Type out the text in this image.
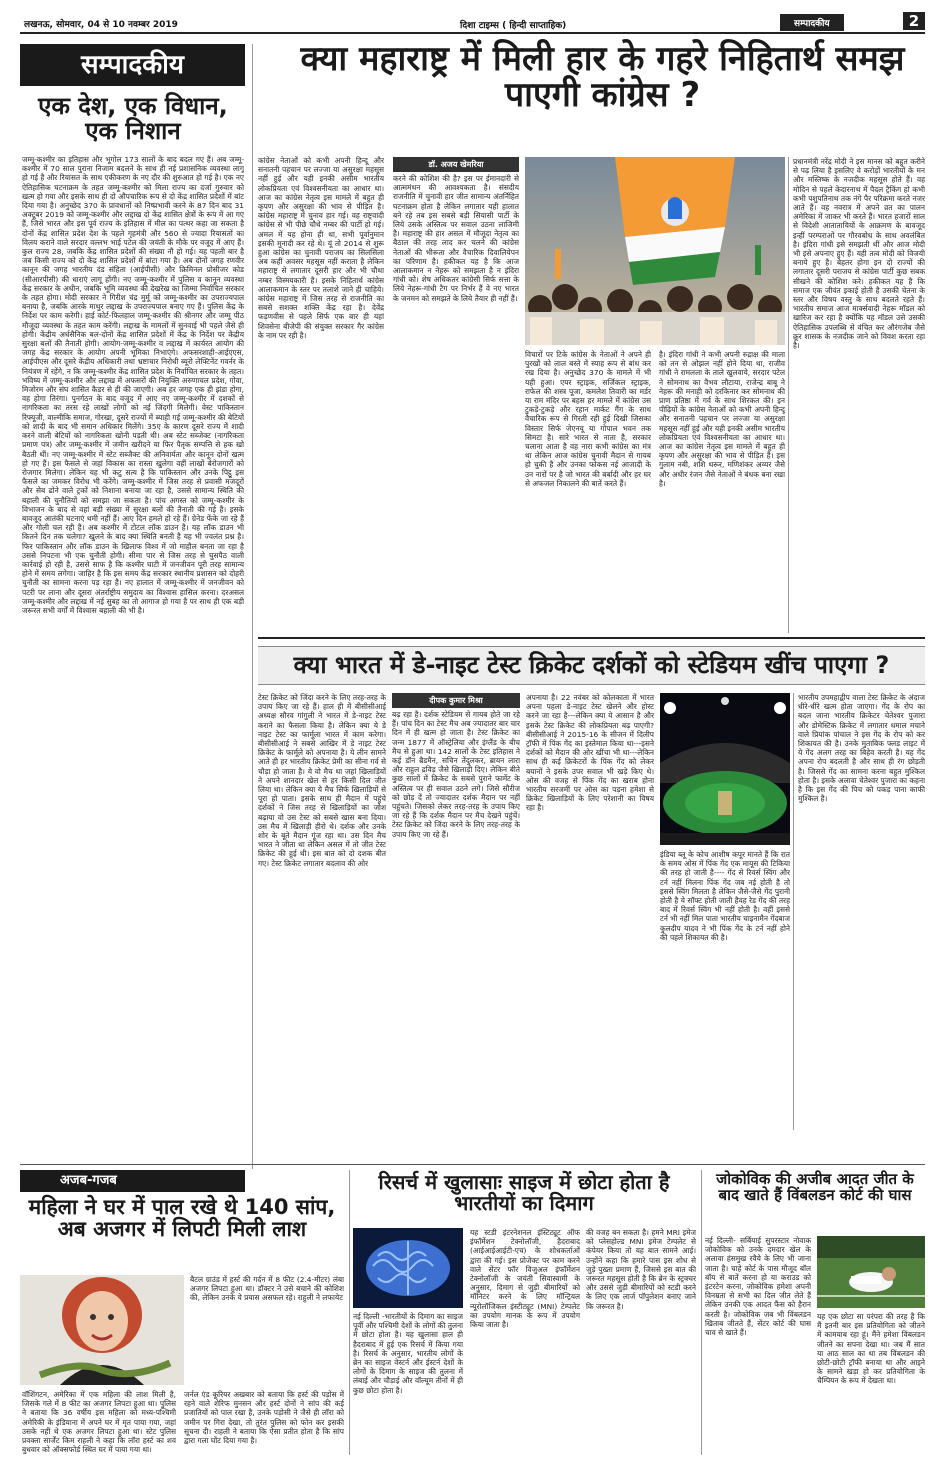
लखनऊ, सोमवार, 04 से 10 नवम्बर 2019	दिशा टाइम्स ( हिन्दी साप्ताहिक)	सम्पादकीय	2
सम्पादकीय
एक देश, एक विधान, एक निशान
जम्मू-कश्मीर का इतिहास और भूगोल 173 सालों के बाद बदल गए हैं। अब जम्मू-कश्मीर में 70 साल पुराना निजाम बदलने के साथ ही नई प्रशासनिक व्यवस्था लागू हो गई है और रियासत के साथ एकीकरण के नए दौर की शुरुआत हो गई है। एक नए ऐतिहासिक घटनाक्रम के तहत जम्मू-कश्मीर को मिला राज्य का दर्जा गुरुवार को खत्म हो गया और इसके साथ ही दो औपचारिक रूप से दो केंद्र शासित प्रदेशों में बांट दिया गया है। अनुच्छेद 370 के प्रावधानों को निष्प्रभावी करने के 87 दिन बाद 31 अक्टूबर 2019 को जम्मू-कश्मीर और लद्दाख दो केंद्र शासित क्षेत्रों के रूप में आ गए हैं, जिसे भारत और इस पूर्व राज्य के इतिहास में मील का पत्थर कहा जा सकता है दोनों केंद्र शासित प्रदेश देश के पहले गृहमंत्री और 560 से ज्यादा रियासतों का विलय कराने वाले सरदार वल्लभ भाई पटेल की जयंती के मौके पर वजूद में आए हैं। कुल राज्य 28, जबकि केंद्र शासित प्रदेशों की संख्या नौ हो गई। यह पहली बार है जब किसी राज्य को दो केंद्र शासित प्रदेशों में बांटा गया है। अब दोनों जगह रणवीर कानून की जगह भारतीय दंड संहिता (आईपीसी) और क्रिमिनल प्रोसीजर कोड (सीआरपीसी) की धाराएं लागू होंगी। नए जम्मू-कश्मीर में पुलिस व कानून व्यवस्था केंद्र सरकार के अधीन, जबकि भूमि व्यवस्था की देखरेख का जिम्मा निर्वाचित सरकार के तहत होगा। मोदी सरकार ने गिरीश चंद्र मुर्मू को जम्मू-कश्मीर का उपराज्यपाल बनाया है, जबकि आरके माथुर लद्दाख के उपराज्यपाल बनाए गए हैं। पुलिस केंद्र के निर्देश पर काम करेगी। हाई कोर्ट-फिलहाल जम्मू-कश्मीर की श्रीनगर और जम्मू पीठ मौजूदा व्यवस्था के तहत काम करेंगी। लद्दाख के मामलों में सुनवाई भी पहले जैसे ही होगी। केंद्रीय अर्धसैनिक बल-दोनों केंद्र शासित प्रदेशों में केंद्र के निर्देश पर केंद्रीय सुरक्षा बलों की तैनाती होगी। आयोग-जम्मू-कश्मीर व लद्दाख में कार्यरत आयोग की जगह केंद्र सरकार के आयोग अपनी भूमिका निभाएंगे। अफसरशाही-आईएएस, आईपीएस और दूसरे केंद्रीय अधिकारी तथा भ्रष्टाचार निरोधी ब्यूरो लेफ्टिनेंट गवर्नर के नियंत्रण में रहेंगे, न कि जम्मू-कश्मीर केंद्र शासित प्रदेश के निर्वाचित सरकार के तहत। भविष्य में जम्मू-कश्मीर और लद्दाख में अफसरों की नियुक्ति अरुणाचल प्रदेश, गोवा, मिजोरम और संघ शासित कैडर से ही की जाएगी। अब हर जगह एक ही झंडा होगा, वह होगा तिरंगा। पुनर्गठन के बाद वजूद में आए नए जम्मू-कश्मीर में दशकों से नागरिकता का तरस रहे लाखों लोगों को नई जिंदगी मिलेगी। वेस्ट पाकिस्तान रिफ्यूजी, वाल्मीकि समाज, गोरखा, दूसरे राज्यों में ब्याही गई जम्मू-कश्मीर की बेटियों को शादी के बाद भी समान अधिकार मिलेंगे। 35ए के कारण दूसरे राज्य में शादी करने वाली बेटियों को नागरिकता खोनी पड़ती थी। अब स्टेट सब्जेक्ट (नागरिकता प्रमाण पत्र) और जम्मू-कश्मीर में जमीन खरीदने या फिर पैतृक सम्पत्ति से हक खो बैठती थीं। नए जम्मू-कश्मीर में स्टेट सब्जैक्ट की अनिवार्यता और कानून दोनों खत्म हो गए हैं। इस फैसले से जहां विकास का रास्ता खुलेगा वहीं लाखों बेरोजगारों को रोजगार मिलेगा। लेकिन यह भी कटु सत्य है कि पाकिस्तान और उनके पिट्ठू इस फैसले का जमकर विरोध भी करेंगे। जम्मू-कश्मीर में जिस तरह से प्रवासी मजदूरों और सेब ढोने वाले ट्रकों को निशाना बनाया जा रहा है, उससे सामान्य स्थिति की बहाली की चुनौतियों को समझा जा सकता है। पांच अगस्त को जम्मू-कश्मीर के विभाजन के बाद से वहां बड़ी संख्या में सुरक्षा बलों की तैनाती की गई है। इसके बावजूद आतंकी घटनाएं थमी नहीं हैं। आए दिन हमले हो रहे हैं। ग्रेनेड फेंके जा रहे हैं और गोली चल रही है। अब कश्मीर में टोटल लॉक डाउन है। यह लॉक डाउन भी कितने दिन तक चलेगा? खुलने के बाद क्या स्थिति बनती है यह भी ज्वलंत प्रश्न है। फिर पाकिस्तान और लॉक डाउन के खिलाफ विश्व में जो माहौल बनता जा रहा है उससे निपटना भी एक चुनौती होगी। सीमा पार से जिस तरह से घुसपैठ वाली कार्रवाई हो रही है, उससे साफ है कि कश्मीर घाटी में जनजीवन पूरी तरह सामान्य होने में समय लगेगा। जाहिर है कि इस समय केंद्र सरकार स्थानीय प्रशासन को दोहरी चुनौती का सामना करना पड़ रहा है। नए हालात में जम्मू-कश्मीर में जनजीवन को पटरी पर लाना और दूसरा अंतर्राष्ट्रीय समुदाय का विश्वास हासिल करना। दरअसल जम्मू-कश्मीर और लद्दाख में नई सुबह का तो आगाज हो गया है पर साथ ही एक बड़ी जरूरत सभी वर्गों में विश्वास बहाली की भी है।
क्या महाराष्ट्र में मिली हार के गहरे निहितार्थ समझ पाएगी कांग्रेस ?
कांग्रेस नेताओं को कभी अपनी हिन्दू और सनातनी पहचान पर लज्जा या असुरक्षा महसूस नहीं हुई और यही इनकी असीम भारतीय लोकप्रियता एवं विश्वसनीयता का आधार था। आज का कांग्रेस नेतृत्व इस मामले में बहुत ही कृपण और असुरक्षा की भाव से पीड़ित है। कांग्रेस महाराष्ट्र में चुनाव हार गई। वह राष्ट्रवादी कांग्रेस से भी पीछे चौथे नम्बर की पार्टी हो गई। अमल में यह होना ही था, सभी पूर्वानुमान इसकी मुनादी कर रहे थे। यूं तो 2014 से शुरू हुआ कांग्रेस का चुनावी पराजय का सिलसिला अब कहीं अवसर महसूस नहीं कराता है लेकिन महाराष्ट्र से लगातार दूसरी हार और भी चौथा नम्बर विस्मयकारी है। इसके निहितार्थ कांग्रेस आलाकमान के स्तर पर तलाशे जाने ही चाहिये। कांग्रेस महाराष्ट्र में जिस तरह से राजनीति का सबसे सशक्त शक्ति केंद्र रहा है। देवेंद्र फड़णवीस से पहले सिर्फ एक बार ही यहां शिवसेना बीजेपी की संयुक्त सरकार गैर कांग्रेस के नाम पर रही है।
डॉ. अजय खेमरिया
करने की कोशिश की है? इस पर ईमानदारी से आत्ममंथन की आवश्यकता है। संसदीय राजनीति में चुनावी हार जीत सामान्य अंतर्निहित घटनाक्रम होता है लेकिन लगातार यही हालात बने रहे तब इस सबसे बड़ी सियासी पार्टी के लिये उसके अस्तित्व पर सवाल उठना लाजिमी है। महाराष्ट्र की हार असल में मौजूदा नेतृत्व का बैठाल की तरह लाद कर चलने की कांग्रेस नेताओं की भीरूता और वैचारिक दिवालियेपन का परिणाम है। हकीकत यह है कि आज आलाकमान न नेहरू को समझता है न इंदिरा गांधी को। शेष अधिकतर कांग्रेसी सिर्फ सत्ता के लिये नेहरू-गांधी टैग पर निर्भर हैं वे नए भारत के जनमन को समझते के लिये तैयार ही नहीं हैं।
विचारों पर टिके कांग्रेस के नेताओं ने अपने ही पुरखों को लाल बस्ते में स्याह रूप से बांध कर रख दिया है। अनुच्छेद 370 के मामले में भी यही हुआ। एयर स्ट्राइक, सर्जिकल स्ट्राइक, राफेल की शस्त्र पूजा, कमलेश तिवारी का मर्डर या राम मंदिर पर बहस हर मामले में कांग्रेस उस टुकड़े-टुकड़े और रहान मार्कट गैंग के साथ वैचारिक रूप से गिरती रही हुई दिखी जिसका विस्तार सिर्फ जेएनयू या गोपाल भवन तक सिमटा है। सारे भारत से नाता है, सरकार चलाना आता है वह नारा कभी कांग्रेस का मंत्र था लेकिन आज कांग्रेस चुनावी मैदान से गायब हो चुकी है और उनका फोकस नई आजादी के उन नारों पर है जो भारत की बर्बादी और हर घर से अफजल निकालने की बातें करते हैं।
है। इंदिरा गांधी ने कभी अपनी रुद्राक्ष की माला को तन से ओझल नहीं होने दिया था, राजीव गांधी ने रामलला के ताले खुलवाये, सरदार पटेल ने सोमनाथ का वैभव लौटाया, राजेन्द्र बाबू ने नेहरू की मनाही को दरकिनार कर सोमनाथ की प्राण प्रतिष्ठा में गर्व के साथ शिरकत की। इन पीढ़ियों के कांग्रेस नेताओं को कभी अपनी हिन्दू और सनातनी पहचान पर लज्जा या असुरक्षा महसूस नहीं हुई और यही इनकी असीम भारतीय लोकप्रियता एवं विश्वसनीयता का आधार था। आज का कांग्रेस नेतृत्व इस मामले में बहुत ही कृपण और असुरक्षा की भाव से पीड़ित है। इस गुलाम नबी, शशि थरूर, मणिशंकर अय्यर जैसे और अधीर रंजन जैसे नेताओं ने बंधक बना रखा है।
प्रधानमंत्री नरेंद्र मोदी ने इस मानस को बहुत करीने से पढ़ लिया है इसलिए वे करोड़ों भारतीयों के मन और मस्तिष्क के नजदीक महसूस होते हैं। वह मोदिन से पहले केदारनाथ में पैदल ट्रैकिंग हो कभी कभी पशुपतिनाथ तक नंगे पैर परिक्रमा करते नजर आते हैं। वह नवरात्र में अपने व्रत का पालन अमेरिका में जाकर भी करते हैं। भारत हजारों साल से विदेशी आतातायियों के आक्रमण के बावजूद इन्हीं परम्पराओं पर गौरवबोध के साथ अवलंबित है। इंदिरा गांधी इसे समझती थीं और आज मोदी भी इसे अपनाए हुए हैं। यही तत्व मोदी को विजयी बनाये हुए है। बेहतर होगा इन दो राज्यों की लगातार दूसरी पराजय से कांग्रेस पार्टी कुछ सबक सीखने की कोशिश करे। हकीकत यह है कि समाज एक जीवंत इकाई होती है उसकी चेतना के स्तर और विषय वस्तु के साथ बदलते रहते हैं। भारतीय समाज आज मार्क्सवादी नेहरू मॉडल को खारिज कर रहा है क्योंकि यह मॉडल उसे उसकी ऐतिहासिक उपलब्धि से वंचित कर औरंगजेब जैसे क्रूर शासक के नजदीक जाने को विवश करता रहा है।
क्या भारत में डे-नाइट टेस्ट क्रिकेट दर्शकों को स्टेडियम खींच पाएगा ?
टेस्ट क्रिकेट को जिंदा करने के लिए तरह-तरह के उपाय किए जा रहे हैं। हाल ही में बीसीसीआई अध्यक्ष सौरव गांगुली ने भारत में डे-नाइट टेस्ट कराने का फैसला किया है। लेकिन क्या ये डे नाइट टेस्ट का फार्मूला भारत में काम करेगा। बीसीसीआई ने सबसे आखिर में डे नाइट टेस्ट क्रिकेट के फार्मूले को अपनाया है। ये लीन सामने आते ही हर भारतीय क्रिकेट प्रेमी का सीना गर्व से चौड़ा हो जाता है। ये वो मैच था जहां खिलाड़ियों ने अपने शानदार खेल से हर किसी दिल जीत लिया था। लेकिन क्या ये मैच सिर्फ खिलाड़ियों से पूरा हो पाता। इसके साथ ही मैदान में पहुंचे दर्शकों ने जिस तरह से खिलाड़ियों का जोश बढ़ाया वो उस टेस्ट को सबसे खास बना दिया। उस मैच में खिलाड़ी हीरो थे। दर्शक और उनके शोर के बूते मैदान गूंज रहा था। उस दिन मैच भारत ने जीता था लेकिन असल में तो जीत टेस्ट क्रिकेट की हुई थी। इस बात को दो दशक बीत गए। टेस्ट क्रिकेट लगातार बदलाव की ओर
दीपक कुमार मिश्रा
बढ़ रहा है। दर्शक स्टेडियम से गायब होते जा रहे हैं। पांच दिन का टेस्ट मैच अब ज्यादातर बार चार दिन में ही खत्म हो जाता है। टेस्ट क्रिकेट का जन्म 1877 में ऑस्ट्रेलिया और इंग्लैंड के बीच मैच से हुआ था। 142 सालों के टेस्ट इतिहास ने कई डॉन ब्रैडमैन, सचिन तेंदुलकर, ब्रायन लारा और राहुल द्रविड़ जैसे खिलाड़ी दिए। लेकिन बीते कुछ सालों में क्रिकेट के सबसे पुराने फार्मेट के अस्तित्व पर ही सवाल उठने लगे। जिसे सौरीज को छोड़ दें तो ज्यादातर दर्शक मैदान पर नहीं पहुंचते। जिसको लेकर तरह-तरह के उपाय किए जा रहे हैं कि दर्शक मैदान पर मैच देखने पहुंचें। टेस्ट क्रिकेट को जिंदा करने के लिए तरह-तरह के उपाय किए जा रहे हैं।
अपनाया है। 22 नवंबर को कोलकाता में भारत अपना पहला डे-नाइट टेस्ट खेलने और होस्ट करने जा रहा है---लेकिन क्या ये आसान है और इसके टेस्ट क्रिकेट की लोकप्रियता बढ़ पाएगी? बीसीसीआई ने 2015-16 के सीजन में दिलीप ट्रॉफी में पिंक गेंद का इस्तेमाल किया था---इसने दर्शकों को मैदान की ओर खींचा भी था---लेकिन साथ ही कई क्रिकेटरों के पिंक गेंद को लेकर बयानों ने इसके उपर सवाल भी खड़े किए थे। ओस की वजह से पिंक गेंद का खराब होना भारतीय सरजमीं पर ओस का पड़ना हमेशा से क्रिकेट खिलाड़ियों के लिए परेशानी का विषय रहा है।
इंडिया ब्लू के कोच आशीष कपूर मानते हैं कि रात के समय ओस में पिंक गेंद एक मायूस की टिकिया की तरह हो जाती है---- गेंद से रिवर्स स्विंग और टर्न नहीं मिलना पिंक गेंद जब नई होती है तो इससे स्विंग मिलता है लेकिन जैसे-जैसे गेंद पुरानी होती है ये सॉफ्ट होती जाती हैवह रेड गेंद की तरह बाद में रिवर्स स्विंग भी नहीं होती है। वहीं इससे टर्न भी नहीं मिल पाता भारतीय चाइनामैन गेंदबाज कुलदीप यादव ने भी पिंक गेंद के टर्न नहीं होने की पहले शिकायत की है।
भारतीय उपमहाद्वीप वाला टेस्ट क्रिकेट के अंदाज धीरे-धीरे खत्म होता जाएगा। गेंद के रोप का बदल जाना भारतीय क्रिकेटर चेतेश्वर पुजारा और डोमेस्टिक क्रिकेट में लगातार धमाल मचाने वाले प्रियांक पांचाल ने इस गेंद के रोप को कर शिकायत की है। उनके मुताबिक फ्लड लाइट में ये गेंद अलग तरह का बिहेव करती है। यह गेंद अपना रोप बदलती है और साथ ही रंग छोड़ती है। जिससे गेंद का सामना करना बहुत मुश्किल होता है। इसके अलावा चेतेश्वर पुजारा का कहना है कि इस गेंद की पिच को पकड़ पाना काफी मुश्किल है।
अजब-गजब
महिला ने घर में पाल रखे थे 140 सांप, अब अजगर में लिपटी मिली लाश
बैटल ग्राउंड में हर्स्ट की गर्दन में 8 फीट (2.4-मीटर) लंबा अजगर लिपटा हुआ था। डॉक्टर ने उसे बचाने की कोशिश की, लेकिन उनके ये प्रयास असफल रहे। राहुली ने लफायेट
वॉशिंगटन, अमेरिका में एक महिला की लाश मिली है, जिसके गले में 8 फीट का अजगर लिपटा हुआ था। पुलिस ने बताया कि 36 वर्षीय इस महिला को मध्य-पश्चिमी अमेरिकी के इंडियाना में अपने घर में मृत पाया गया, जहां उसके नहीं थे एक अजगर लिपटा हुआ था। स्टेट पुलिस प्रवक्ता सार्जेंट किम राहली ने कहा कि लॉरा हर्स्ट का शव बुधवार को ऑक्सफोर्ड स्थित घर में पाया गया था।
जर्नल एंड कूरियर अखबार को बताया कि हर्स्ट की पड़ोस में रहने वाले शेरिफ मुनसन और हर्स्ट दोनों ने सांप की कई प्रजातियों को पाल रखा है, उनके पड़ोसी ने जैसे ही लॉरा को जमीन पर गिरा देखा, तो तुरंत पुलिस को फोन कर इसकी सूचना दी। राहली ने बताया कि ऐसा प्रतीत होता है कि सांप द्वारा गला घोंट दिया गया है।
रिसर्च में खुलासाः साइज में छोटा होता है भारतीयों का दिमाग
नई दिल्ली -भारतीयों के दिमाग का साइज पूर्वी और पश्चिमी देशों के लोगों की तुलना में छोटा होता है। यह खुलासा हाल ही हैदराबाद में हुई एक रिसर्च में किया गया है। रिसर्च के अनुसार, भारतीय लोगों के ब्रेन का साइज वेस्टर्न और ईस्टर्न देशों के लोगों के दिमाग के साइज की तुलना में लंबाई और चौड़ाई और वॉल्यूम तीनों में ही कुछ छोटा होता है।
यह स्टडी इंटरनेशनल इंस्टिट्यूट ऑफ इंफॉर्मेशन टेक्नोलॉजी, हैदराबाद (आईआईआईटी-एच) के शोधकर्ताओं द्वारा की गई। इस प्रोजेक्ट पर काम करने वाले सेंटर फॉर विजुअल इंफॉर्मेशन टेक्नोलॉजी के जयंती सिवास्वामी के अनुसार, दिमाग से जुड़ी बीमारियों को मॉनिटर करने के लिए मॉन्ट्रियल न्यूरोलॉजिकल इंस्टीट्यूट (MNI) टेम्पलेट का उपयोग मानक के रूप में उपयोग किया जाता है।
की वजह बन सकता है। हमने MRI इमेज को प्लेसहोल्ड MNI इमेज टेम्पलेट से कंपेयर किया तो यह बात सामने आई। उन्होंने कहा कि हमारे पास इस शोध से जुड़े पुख्ता प्रमाण हैं, जिससे इस बात की जरूरत महसूस होती है कि ब्रेन के स्ट्रक्चर और उससे जुड़ी बीमारियों को स्टडी करने के लिए एक लार्ज पॉपुलेशन बनाए जाने कि जरूरत है।
जोकोविक की अजीब आदत जीत के बाद खाते हैं विंबलडन कोर्ट की घास
नई दिल्ली- सर्बियाई सुपरस्टार नोवाक जोकोविक को उनके दमदार खेल के अलावा हंसमुख रवैये के लिए भी जाना जाता है। चाहे कोर्ट के पास मौजूद बॉल बॉय से बातें करना हो या कराउड को इंटरटेन करना, जोकोविक हमेशा अपनी विनम्रता से सभी का दिल जीत लेते हैं लेकिन उनकी एक आदत फैंस को हैरान करती है। जोकोविक जब भी विंबलडन खिताब जीतते हैं, सेंटर कोर्ट की घास चाव से खाते हैं।
यह एक छोटा सा परंपरा की तरह है कि मैं इतनी बार इस प्रतियोगिता को जीतने में कामयाब रहा हूं। मैंने हमेशा विंबलडन जीतने का सपना देखा था। जब मैं सात या आठ साल का था तब विंबलडन की छोटी-छोटी ट्रॉफी बनाया था और आइने के सामने खड़ा हो कर प्रतियोगिता के चैम्पियन के रूप में देखता था।
